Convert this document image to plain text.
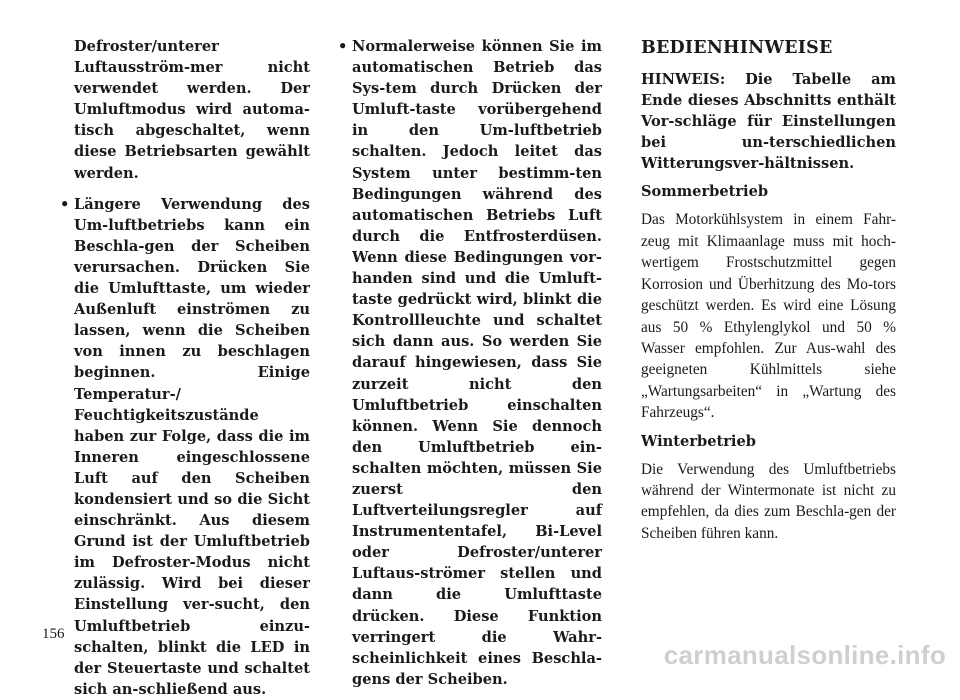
Defroster/unterer Luftausström-mer nicht verwendet werden. Der Umluftmodus wird automa-tisch abgeschaltet, wenn diese Betriebsarten gewählt werden.

• Längere Verwendung des Um-luftbetriebs kann ein Beschla-gen der Scheiben verursachen. Drücken Sie die Umlufttaste, um wieder Außenluft einströmen zu lassen, wenn die Scheiben von innen zu beschlagen beginnen. Einige Temperatur-/ Feuchtigkeitszustände haben zur Folge, dass die im Inneren eingeschlossene Luft auf den Scheiben kondensiert und so die Sicht einschränkt. Aus diesem Grund ist der Umluftbetrieb im Defroster-Modus nicht zulässig. Wird bei dieser Einstellung ver-sucht, den Umluftbetrieb einzu-schalten, blinkt die LED in der Steuertaste und schaltet sich an-schließend aus.

• Normalerweise können Sie im automatischen Betrieb das Sys-tem durch Drücken der Umluft-taste vorübergehend in den Um-luftbetrieb schalten. Jedoch leitet das System unter bestimm-ten Bedingungen während des automatischen Betriebs Luft durch die Entfrosterdüsen. Wenn diese Bedingungen vor-handen sind und die Umluft-taste gedrückt wird, blinkt die Kontrollleuchte und schaltet sich dann aus. So werden Sie darauf hingewiesen, dass Sie zurzeit nicht den Umluftbetrieb einschalten können. Wenn Sie dennoch den Umluftbetrieb ein-schalten möchten, müssen Sie zuerst den Luftverteilungsregler auf Instrumententafel, Bi-Level oder Defroster/unterer Luftaus-strömer stellen und dann die Umlufttaste drücken. Diese Funktion verringert die Wahr-scheinlichkeit eines Beschla-gens der Scheiben.

BEDIENHINWEISE

HINWEIS: Die Tabelle am Ende dieses Abschnitts enthält Vor-schläge für Einstellungen bei un-terschiedlichen Witterungsver-hältnissen.

Sommerbetrieb

Das Motorkühlsystem in einem Fahr-zeug mit Klimaanlage muss mit hoch-wertigem Frostschutzmittel gegen Korrosion und Überhitzung des Mo-tors geschützt werden. Es wird eine Lösung aus 50 % Ethylenglykol und 50 % Wasser empfohlen. Zur Aus-wahl des geeigneten Kühlmittels siehe „Wartungsarbeiten“ in „Wartung des Fahrzeugs“.

Winterbetrieb

Die Verwendung des Umluftbetriebs während der Wintermonate ist nicht zu empfehlen, da dies zum Beschla-gen der Scheiben führen kann.

156
carmanualsonline.info
